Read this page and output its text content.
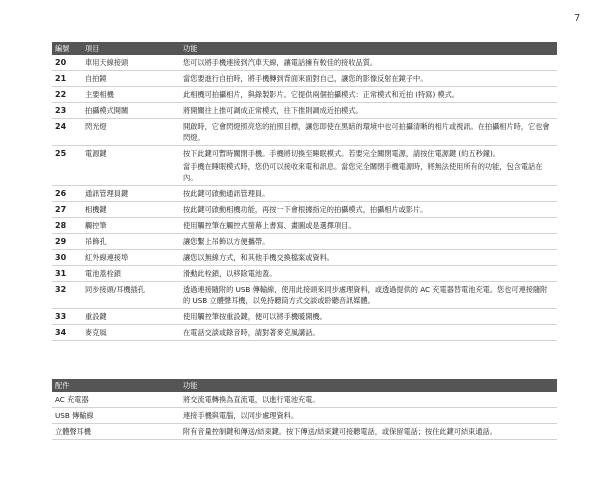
7
編號	項目	功能
20	車用天線接頭	您可以將手機連接到汽車天線，讓電話擁有較佳的接收品質。

21	自拍鏡	當您要進行自拍時，將手機轉到背面來面對自己，讓您的影像反射在鏡子中。

22	主要相機	此相機可拍攝相片，與錄製影片。它提供兩個拍攝模式：正常模式和近拍 (特寫) 模式。

23	拍攝模式開關	將開關往上推可調成正常模式，往下推則調成近拍模式。

24	閃光燈	開啟時，它會閃燈照亮您的拍照目標，讓您即使在黑暗的環境中也可拍攝清晰的相片或視訊。在拍攝相片時，它也會閃燈。

25	電源鍵	按下此鍵可暫時關閉手機。手機將切換至睡眠模式。若要完全關閉電源，請按住電源鍵 (約五秒鐘)。

當手機在睡眠模式時，您仍可以接收來電和訊息。當您完全關閉手機電源時，將無法使用所有的功能，包含電話在內。

26	通訊管理員鍵	按此鍵可啟動通訊管理員。

27	相機鍵	按此鍵可啟動相機功能，再按一下會根據指定的拍攝模式，拍攝相片或影片。

28	觸控筆	使用觸控筆在觸控式螢幕上書寫、畫圖或是選擇項目。

29	吊飾孔	讓您繫上吊飾以方便攜帶。

30	紅外線連接埠	讓您以無線方式，和其他手機交換檔案或資料。

31	電池蓋栓鎖	滑動此栓鎖，以移除電池蓋。

32	同步接頭/耳機插孔	透過連接隨附的 USB 傳輸線，使用此接頭來同步處理資料，或透過提供的 AC 充電器替電池充電。您也可連接隨附的 USB 立體聲耳機，以免持聽筒方式交談或聆聽音訊媒體。

33	重設鍵	使用觸控筆按重設鍵，便可以將手機暖開機。

34	麥克風	在電話交談或錄音時，請對著麥克風講話。

配件	功能
AC 充電器	將交流電轉換為直流電，以進行電池充電。
USB 傳輸線	連接手機與電腦，以同步處理資料。
立體聲耳機	附有音量控制鍵和傳送/結束鍵。按下傳送/結束鍵可接聽電話，或保留電話；按住此鍵可結束通話。
